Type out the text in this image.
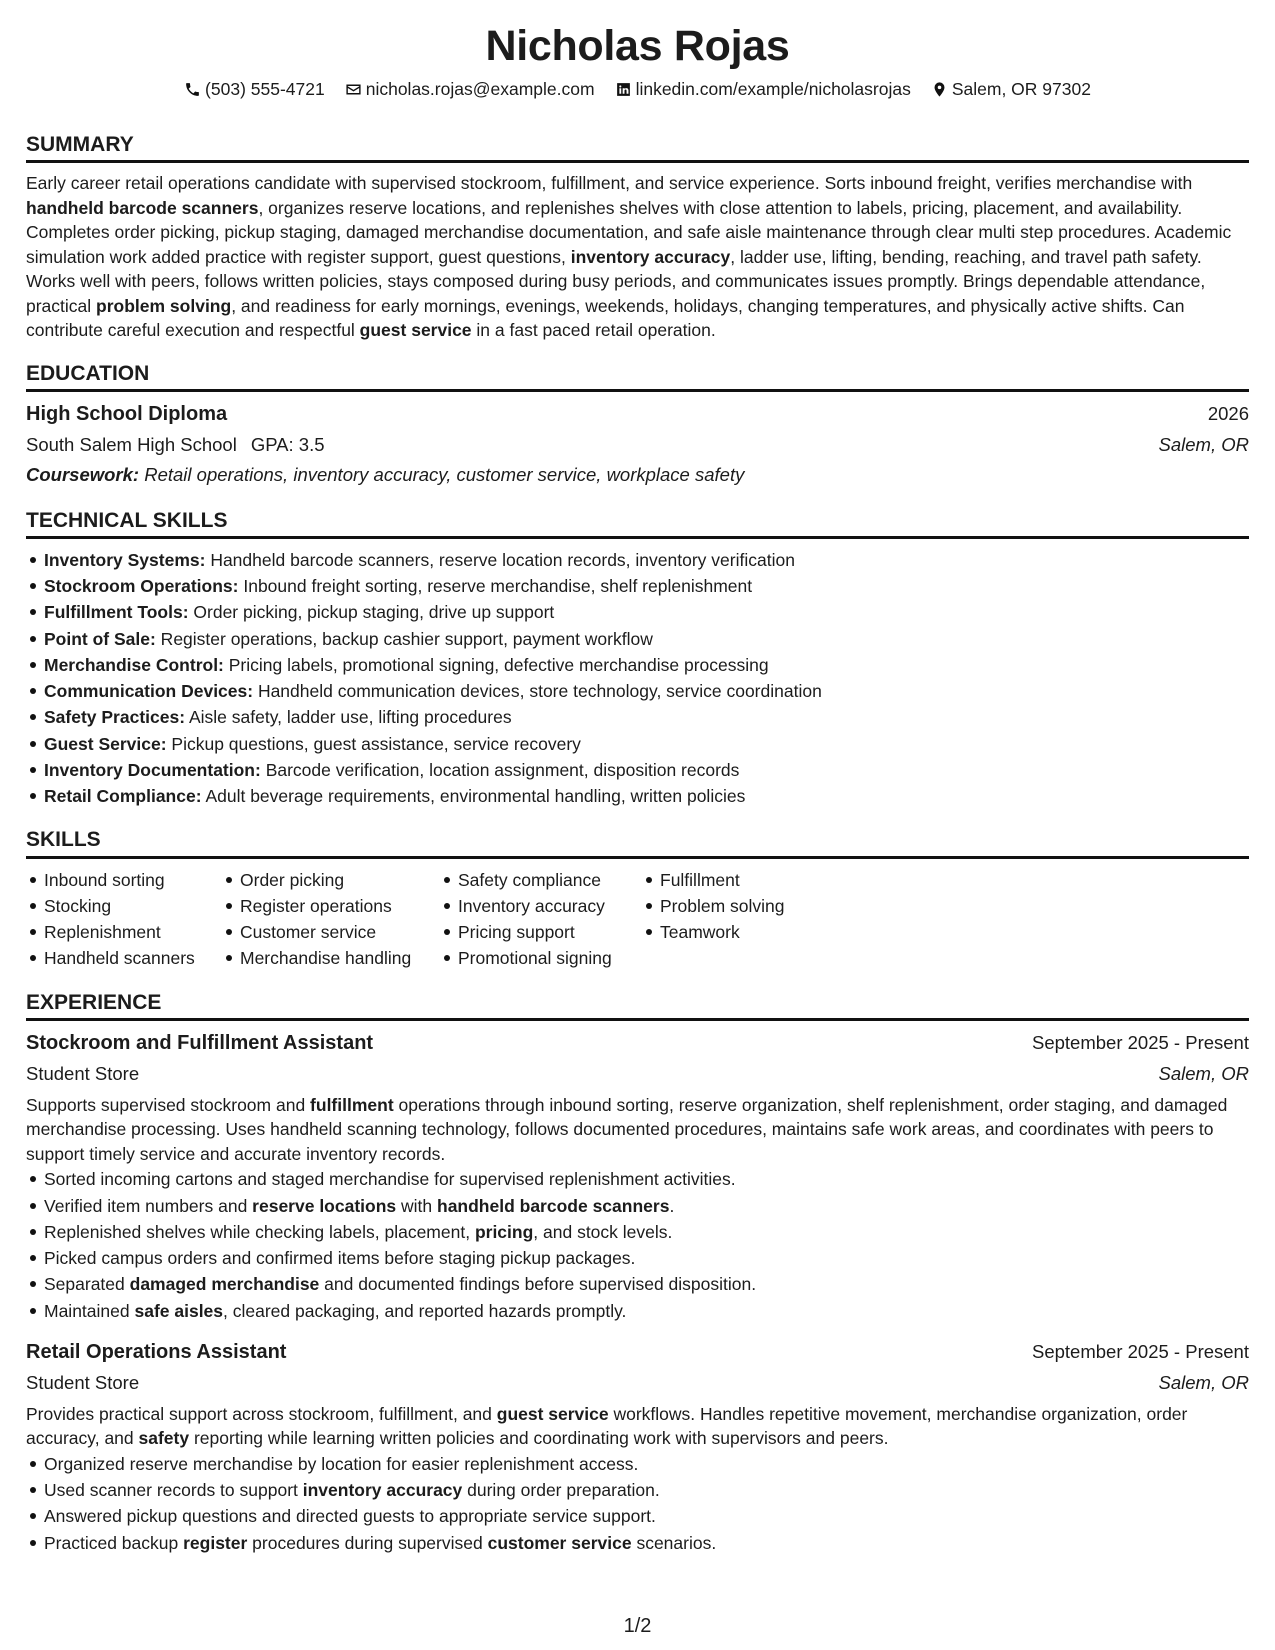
Nicholas Rojas
(503) 555-4721 nicholas.rojas@example.com linkedin.com/example/nicholasrojas Salem, OR 97302
SUMMARY

Early career retail operations candidate with supervised stockroom, fulfillment, and service experience. Sorts inbound freight, verifies merchandise with handheld barcode scanners, organizes reserve locations, and replenishes shelves with close attention to labels, pricing, placement, and availability. Completes order picking, pickup staging, damaged merchandise documentation, and safe aisle maintenance through clear multi step procedures. Academic simulation work added practice with register support, guest questions, inventory accuracy, ladder use, lifting, bending, reaching, and travel path safety. Works well with peers, follows written policies, stays composed during busy periods, and communicates issues promptly. Brings dependable attendance, practical problem solving, and readiness for early mornings, evenings, weekends, holidays, changing temperatures, and physically active shifts. Can contribute careful execution and respectful guest service in a fast paced retail operation.

EDUCATION
High School Diploma	2026
South Salem High School GPA: 3.5	Salem, OR
Coursework: Retail operations, inventory accuracy, customer service, workplace safety
TECHNICAL SKILLS
Inventory Systems: Handheld barcode scanners, reserve location records, inventory verification
Stockroom Operations: Inbound freight sorting, reserve merchandise, shelf replenishment
Fulfillment Tools: Order picking, pickup staging, drive up support
Point of Sale: Register operations, backup cashier support, payment workflow
Merchandise Control: Pricing labels, promotional signing, defective merchandise processing
Communication Devices: Handheld communication devices, store technology, service coordination
Safety Practices: Aisle safety, ladder use, lifting procedures
Guest Service: Pickup questions, guest assistance, service recovery
Inventory Documentation: Barcode verification, location assignment, disposition records
Retail Compliance: Adult beverage requirements, environmental handling, written policies
SKILLS
Inbound sorting
Stocking
Replenishment
Handheld scanners
Order picking
Register operations
Customer service
Merchandise handling
Safety compliance
Inventory accuracy
Pricing support
Promotional signing
Fulfillment
Problem solving
Teamwork
EXPERIENCE
Stockroom and Fulfillment Assistant	September 2025 - Present
Student Store	Salem, OR

Supports supervised stockroom and fulfillment operations through inbound sorting, reserve organization, shelf replenishment, order staging, and damaged merchandise processing. Uses handheld scanning technology, follows documented procedures, maintains safe work areas, and coordinates with peers to support timely service and accurate inventory records.

Sorted incoming cartons and staged merchandise for supervised replenishment activities.
Verified item numbers and reserve locations with handheld barcode scanners.
Replenished shelves while checking labels, placement, pricing, and stock levels.
Picked campus orders and confirmed items before staging pickup packages.
Separated damaged merchandise and documented findings before supervised disposition.
Maintained safe aisles, cleared packaging, and reported hazards promptly.
Retail Operations Assistant	September 2025 - Present
Student Store	Salem, OR

Provides practical support across stockroom, fulfillment, and guest service workflows. Handles repetitive movement, merchandise organization, order accuracy, and safety reporting while learning written policies and coordinating work with supervisors and peers.

Organized reserve merchandise by location for easier replenishment access.
Used scanner records to support inventory accuracy during order preparation.
Answered pickup questions and directed guests to appropriate service support.
Practiced backup register procedures during supervised customer service scenarios.
1/2
